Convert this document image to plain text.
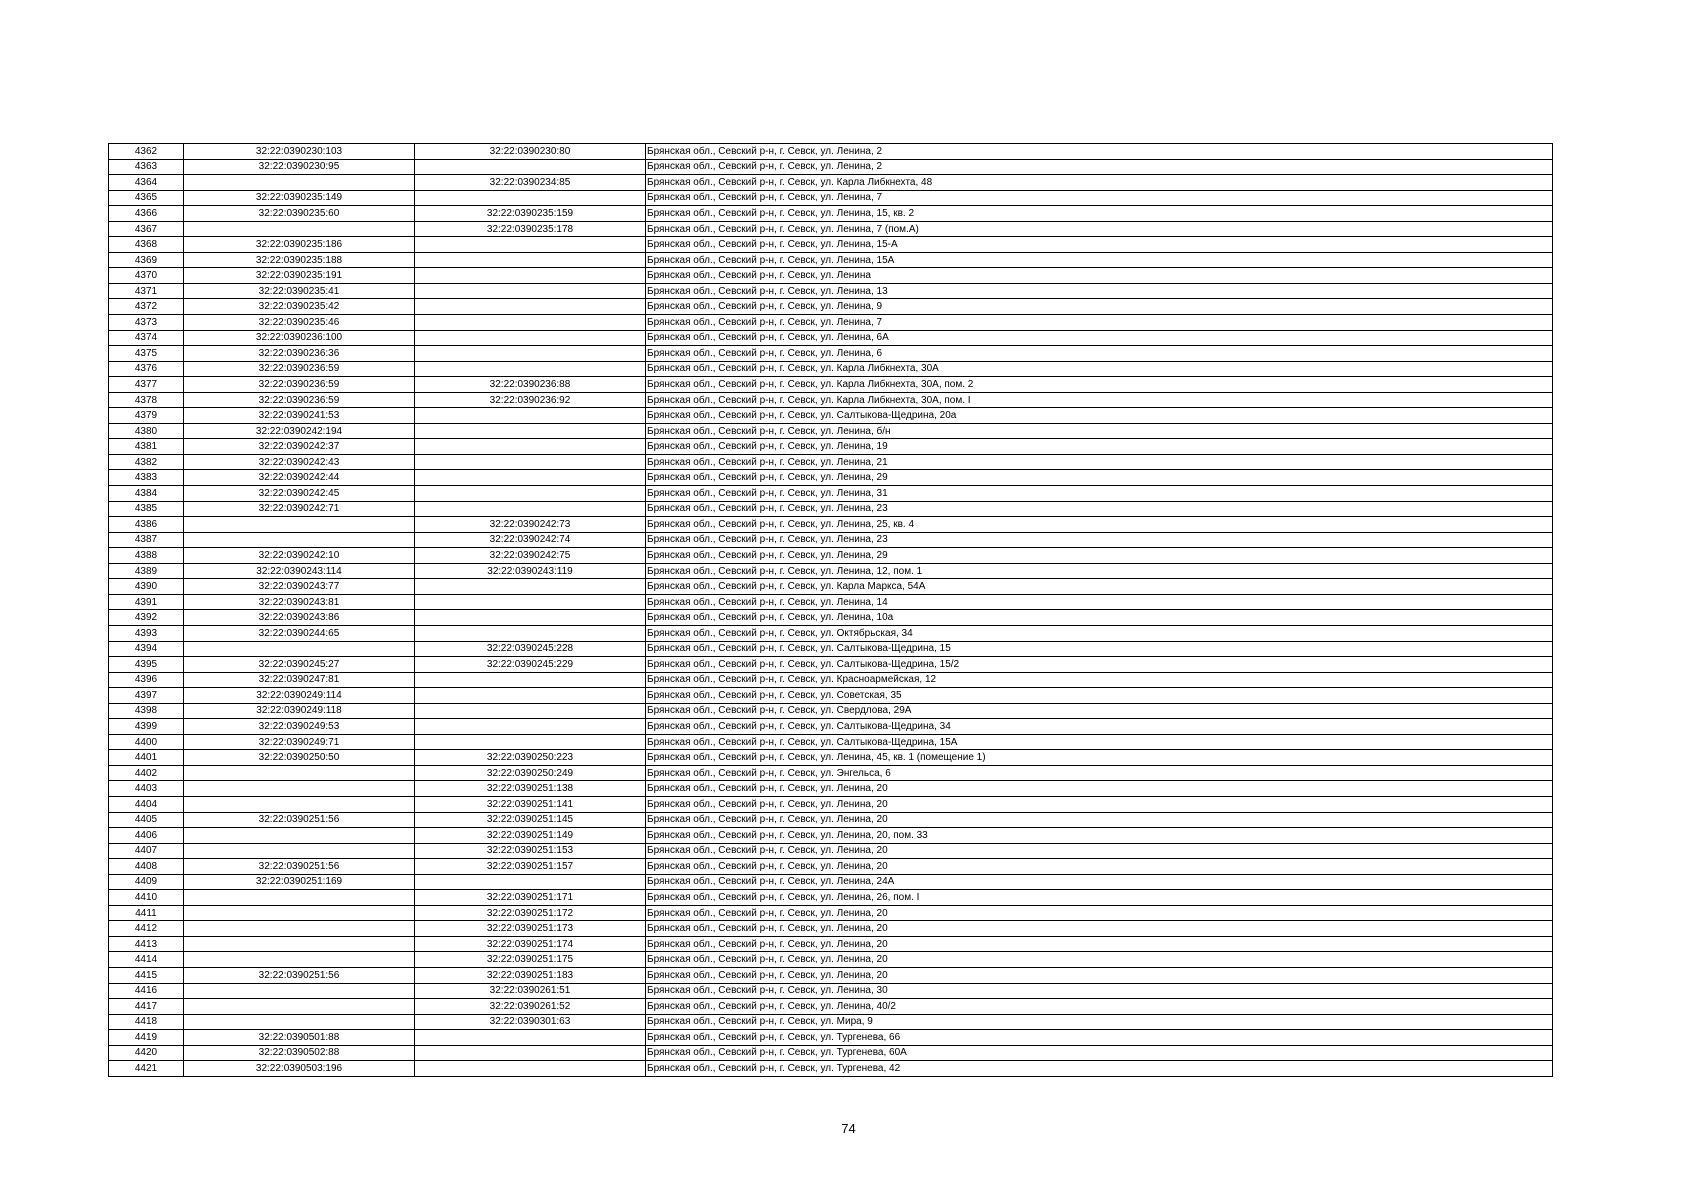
4362	32:22:0390230:103	32:22:0390230:80	Брянская обл., Севский р-н, г. Севск, ул. Ленина, 2
4363	32:22:0390230:95		Брянская обл., Севский р-н, г. Севск, ул. Ленина, 2
4364		32:22:0390234:85	Брянская обл., Севский р-н, г. Севск, ул. Карла Либкнехта, 48
4365	32:22:0390235:149		Брянская обл., Севский р-н, г. Севск, ул. Ленина, 7
4366	32:22:0390235:60	32:22:0390235:159	Брянская обл., Севский р-н, г. Севск, ул. Ленина, 15, кв. 2
4367		32:22:0390235:178	Брянская обл., Севский р-н, г. Севск, ул. Ленина, 7 (пом.А)
4368	32:22:0390235:186		Брянская обл., Севский р-н, г. Севск, ул. Ленина, 15-А
4369	32:22:0390235:188		Брянская обл., Севский р-н, г. Севск, ул. Ленина, 15А
4370	32:22:0390235:191		Брянская обл., Севский р-н, г. Севск, ул. Ленина
4371	32:22:0390235:41		Брянская обл., Севский р-н, г. Севск, ул. Ленина, 13
4372	32:22:0390235:42		Брянская обл., Севский р-н, г. Севск, ул. Ленина, 9
4373	32:22:0390235:46		Брянская обл., Севский р-н, г. Севск, ул. Ленина, 7
4374	32:22:0390236:100		Брянская обл., Севский р-н, г. Севск, ул. Ленина, 6А
4375	32:22:0390236:36		Брянская обл., Севский р-н, г. Севск, ул. Ленина, 6
4376	32:22:0390236:59		Брянская обл., Севский р-н, г. Севск, ул. Карла Либкнехта, 30А
4377	32:22:0390236:59	32:22:0390236:88	Брянская обл., Севский р-н, г. Севск, ул. Карла Либкнехта, 30А, пом. 2
4378	32:22:0390236:59	32:22:0390236:92	Брянская обл., Севский р-н, г. Севск, ул. Карла Либкнехта, 30А, пом. I
4379	32:22:0390241:53		Брянская обл., Севский р-н, г. Севск, ул. Салтыкова-Щедрина, 20а
4380	32:22:0390242:194		Брянская обл., Севский р-н, г. Севск, ул. Ленина, б/н
4381	32:22:0390242:37		Брянская обл., Севский р-н, г. Севск, ул. Ленина, 19
4382	32:22:0390242:43		Брянская обл., Севский р-н, г. Севск, ул. Ленина, 21
4383	32:22:0390242:44		Брянская обл., Севский р-н, г. Севск, ул. Ленина, 29
4384	32:22:0390242:45		Брянская обл., Севский р-н, г. Севск, ул. Ленина, 31
4385	32:22:0390242:71		Брянская обл., Севский р-н, г. Севск, ул. Ленина, 23
4386		32:22:0390242:73	Брянская обл., Севский р-н, г. Севск, ул. Ленина, 25, кв. 4
4387		32:22:0390242:74	Брянская обл., Севский р-н, г. Севск, ул. Ленина, 23
4388	32:22:0390242:10	32:22:0390242:75	Брянская обл., Севский р-н, г. Севск, ул. Ленина, 29
4389	32:22:0390243:114	32:22:0390243:119	Брянская обл., Севский р-н, г. Севск, ул. Ленина, 12, пом. 1
4390	32:22:0390243:77		Брянская обл., Севский р-н, г. Севск, ул. Карла Маркса, 54А
4391	32:22:0390243:81		Брянская обл., Севский р-н, г. Севск, ул. Ленина, 14
4392	32:22:0390243:86		Брянская обл., Севский р-н, г. Севск, ул. Ленина, 10а
4393	32:22:0390244:65		Брянская обл., Севский р-н, г. Севск, ул. Октябрьская, 34
4394		32:22:0390245:228	Брянская обл., Севский р-н, г. Севск, ул. Салтыкова-Щедрина, 15
4395	32:22:0390245:27	32:22:0390245:229	Брянская обл., Севский р-н, г. Севск, ул. Салтыкова-Щедрина, 15/2
4396	32:22:0390247:81		Брянская обл., Севский р-н, г. Севск, ул. Красноармейская, 12
4397	32:22:0390249:114		Брянская обл., Севский р-н, г. Севск, ул. Советская, 35
4398	32:22:0390249:118		Брянская обл., Севский р-н, г. Севск, ул. Свердлова, 29А
4399	32:22:0390249:53		Брянская обл., Севский р-н, г. Севск, ул. Салтыкова-Щедрина, 34
4400	32:22:0390249:71		Брянская обл., Севский р-н, г. Севск, ул. Салтыкова-Щедрина, 15А
4401	32:22:0390250:50	32:22:0390250:223	Брянская обл., Севский р-н, г. Севск, ул. Ленина, 45, кв. 1 (помещение 1)
4402		32:22:0390250:249	Брянская обл., Севский р-н, г. Севск, ул. Энгельса, 6
4403		32:22:0390251:138	Брянская обл., Севский р-н, г. Севск, ул. Ленина, 20
4404		32:22:0390251:141	Брянская обл., Севский р-н, г. Севск, ул. Ленина, 20
4405	32:22:0390251:56	32:22:0390251:145	Брянская обл., Севский р-н, г. Севск, ул. Ленина, 20
4406		32:22:0390251:149	Брянская обл., Севский р-н, г. Севск, ул. Ленина, 20, пом. 33
4407		32:22:0390251:153	Брянская обл., Севский р-н, г. Севск, ул. Ленина, 20
4408	32:22:0390251:56	32:22:0390251:157	Брянская обл., Севский р-н, г. Севск, ул. Ленина, 20
4409	32:22:0390251:169		Брянская обл., Севский р-н, г. Севск, ул. Ленина, 24А
4410		32:22:0390251:171	Брянская обл., Севский р-н, г. Севск, ул. Ленина, 26, пом. I
4411		32:22:0390251:172	Брянская обл., Севский р-н, г. Севск, ул. Ленина, 20
4412		32:22:0390251:173	Брянская обл., Севский р-н, г. Севск, ул. Ленина, 20
4413		32:22:0390251:174	Брянская обл., Севский р-н, г. Севск, ул. Ленина, 20
4414		32:22:0390251:175	Брянская обл., Севский р-н, г. Севск, ул. Ленина, 20
4415	32:22:0390251:56	32:22:0390251:183	Брянская обл., Севский р-н, г. Севск, ул. Ленина, 20
4416		32:22:0390261:51	Брянская обл., Севский р-н, г. Севск, ул. Ленина, 30
4417		32:22:0390261:52	Брянская обл., Севский р-н, г. Севск, ул. Ленина, 40/2
4418		32:22:0390301:63	Брянская обл., Севский р-н, г. Севск, ул. Мира, 9
4419	32:22:0390501:88		Брянская обл., Севский р-н, г. Севск, ул. Тургенева, 66
4420	32:22:0390502:88		Брянская обл., Севский р-н, г. Севск, ул. Тургенева, 60А
4421	32:22:0390503:196		Брянская обл., Севский р-н, г. Севск, ул. Тургенева, 42
74
